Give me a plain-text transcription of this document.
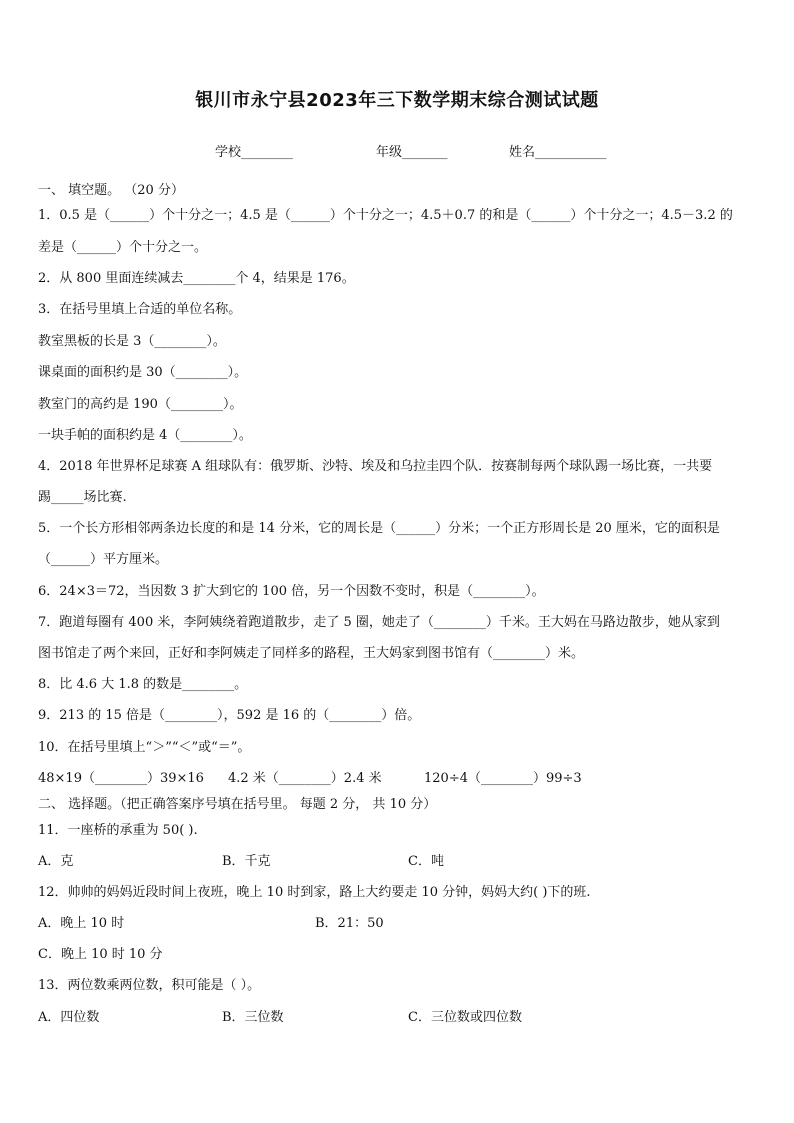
银川市永宁县2023年三下数学期末综合测试试题
学校________	年级_______	姓名___________
一、 填空题。 （20 分）
1．0.5 是（______）个十分之一；4.5 是（______）个十分之一；4.5＋0.7 的和是（______）个十分之一；4.5－3.2 的
差是（______）个十分之一。
2．从 800 里面连续减去________个 4，结果是 176。
3．在括号里填上合适的单位名称。
教室黑板的长是 3（________）。
课桌面的面积约是 30（________）。
教室门的高约是 190（________）。
一块手帕的面积约是 4（________）。
4．2018 年世界杯足球赛 A 组球队有：俄罗斯、沙特、埃及和乌拉圭四个队．按赛制每两个球队踢一场比赛，一共要
踢_____场比赛.
5．一个长方形相邻两条边长度的和是 14 分米，它的周长是（______）分米；一个正方形周长是 20 厘米，它的面积是
（______）平方厘米。
6．24×3＝72，当因数 3 扩大到它的 100 倍，另一个因数不变时，积是（________）。
7．跑道每圈有 400 米，李阿姨绕着跑道散步，走了 5 圈，她走了（________）千米。王大妈在马路边散步，她从家到
图书馆走了两个来回，正好和李阿姨走了同样多的路程，王大妈家到图书馆有（________）米。
8．比 4.6 大 1.8 的数是________。
9．213 的 15 倍是（________），592 是 16 的（________）倍。
10．在括号里填上“＞”“＜”或“＝”。
48×19（________）39×16 4.2 米（________）2.4 米	120÷4（________）99÷3
二、 选择题。（把正确答案序号填在括号里。 每题 2 分， 共 10 分）
11．一座桥的承重为 50( ).
A．克	B．千克	C．吨
12．帅帅的妈妈近段时间上夜班，晚上 10 时到家，路上大约要走 10 分钟，妈妈大约( )下的班.
A．晚上 10 时	B．21：50
C．晚上 10 时 10 分
13．两位数乘两位数，积可能是（ ）。
A．四位数	B．三位数	C．三位数或四位数
